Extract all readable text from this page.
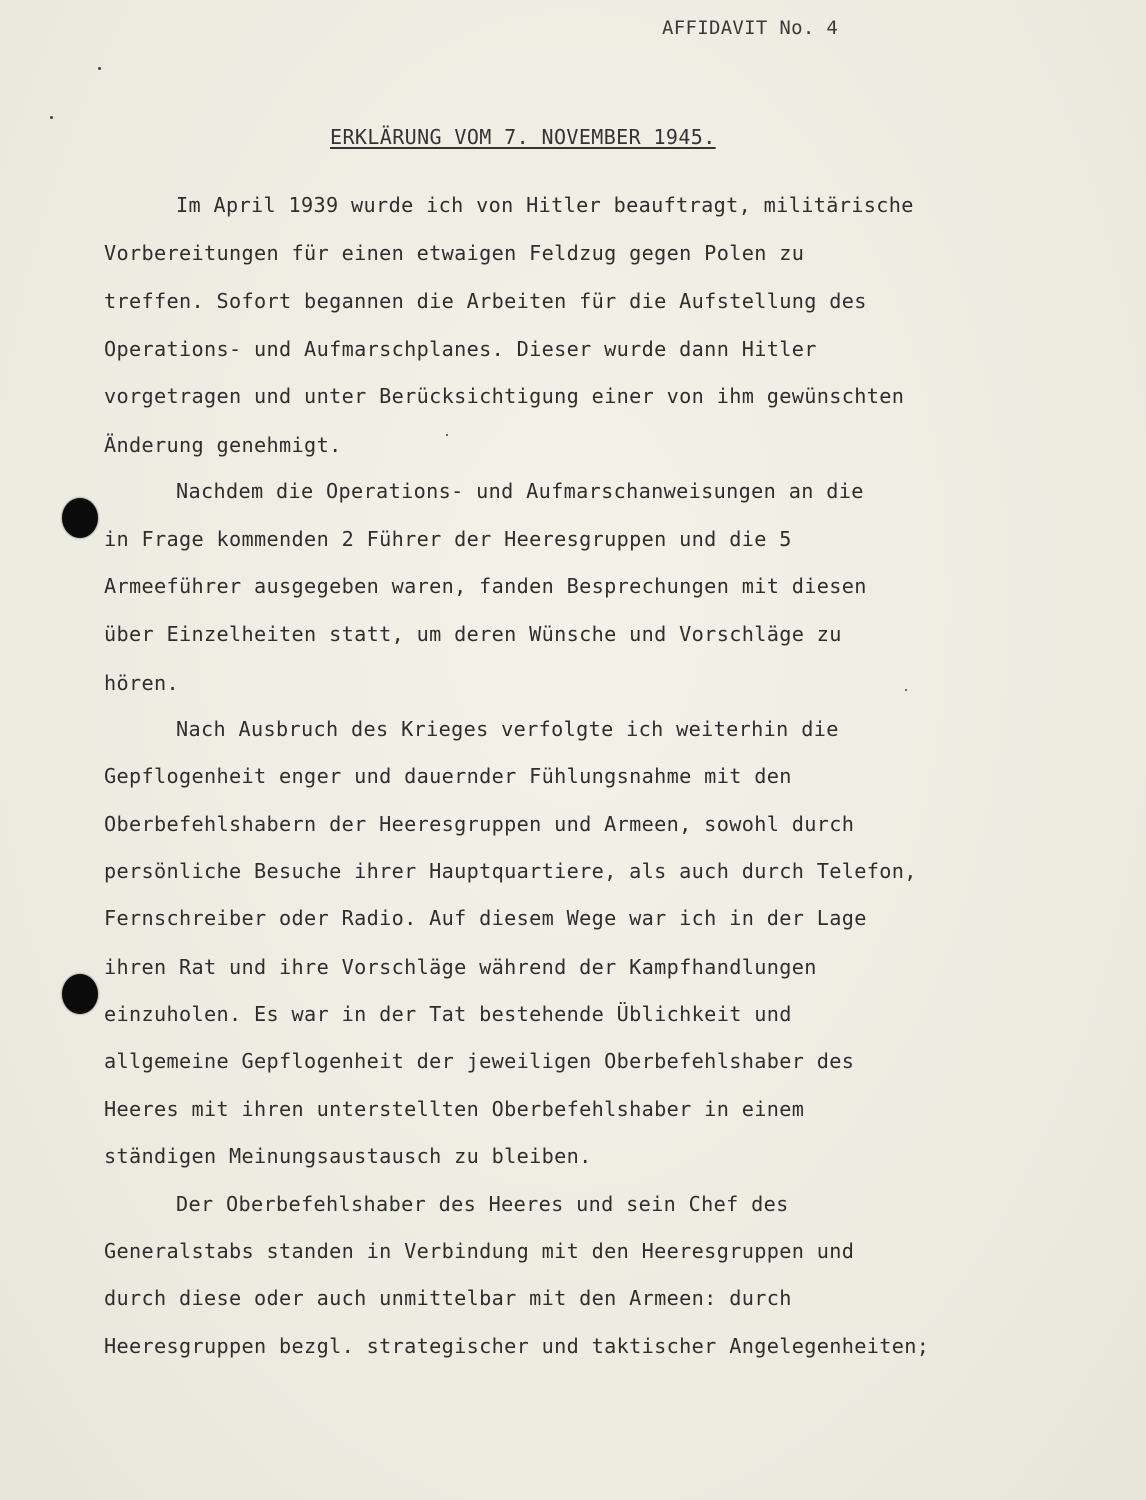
AFFIDAVIT No. 4
ERKLÄRUNG VOM 7. NOVEMBER 1945.
Im April 1939 wurde ich von Hitler beauftragt, militärische
Vorbereitungen für einen etwaigen Feldzug gegen Polen zu
treffen. Sofort begannen die Arbeiten für die Aufstellung des
Operations- und Aufmarschplanes. Dieser wurde dann Hitler
vorgetragen und unter Berücksichtigung einer von ihm gewünschten
Änderung genehmigt.
Nachdem die Operations- und Aufmarschanweisungen an die
in Frage kommenden 2 Führer der Heeresgruppen und die 5
Armeeführer ausgegeben waren, fanden Besprechungen mit diesen
über Einzelheiten statt, um deren Wünsche und Vorschläge zu
hören.
Nach Ausbruch des Krieges verfolgte ich weiterhin die
Gepflogenheit enger und dauernder Fühlungsnahme mit den
Oberbefehlshabern der Heeresgruppen und Armeen, sowohl durch
persönliche Besuche ihrer Hauptquartiere, als auch durch Telefon,
Fernschreiber oder Radio. Auf diesem Wege war ich in der Lage
ihren Rat und ihre Vorschläge während der Kampfhandlungen
einzuholen. Es war in der Tat bestehende Üblichkeit und
allgemeine Gepflogenheit der jeweiligen Oberbefehlshaber des
Heeres mit ihren unterstellten Oberbefehlshaber in einem
ständigen Meinungsaustausch zu bleiben.
Der Oberbefehlshaber des Heeres und sein Chef des
Generalstabs standen in Verbindung mit den Heeresgruppen und
durch diese oder auch unmittelbar mit den Armeen: durch
Heeresgruppen bezgl. strategischer und taktischer Angelegenheiten;
